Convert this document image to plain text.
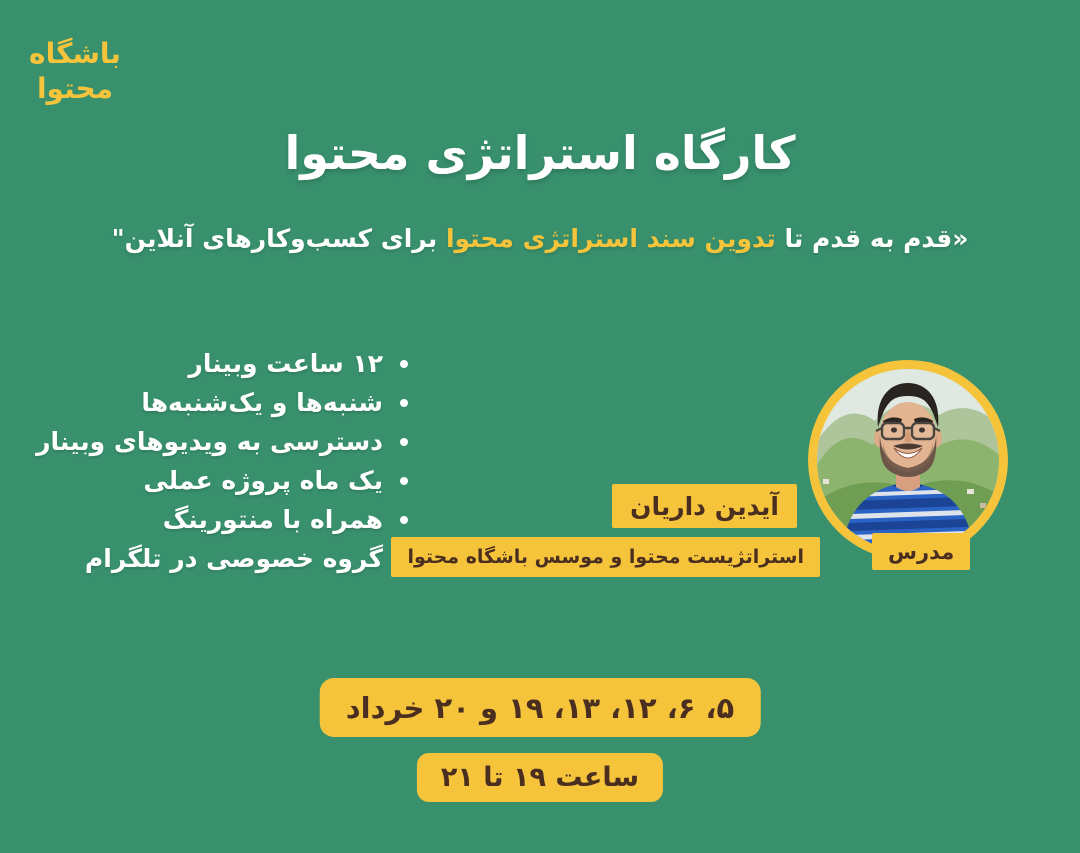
باشگاه
محتوا
کارگاه استراتژی محتوا
«قدم به قدم تا تدوین سند استراتژی محتوا برای کسب‌وکارهای آنلاین"
۱۲ ساعت وبینار
شنبه‌ها و یک‌شنبه‌ها
دسترسی به ویدیوهای وبینار
یک ماه پروژه عملی
همراه با منتورینگ
گروه خصوصی در تلگرام
آیدین داریان
استراتژیست محتوا و موسس باشگاه محتوا	مدرس
۵، ۶، ۱۲، ۱۳، ۱۹ و ۲۰ خرداد
ساعت ۱۹ تا ۲۱
